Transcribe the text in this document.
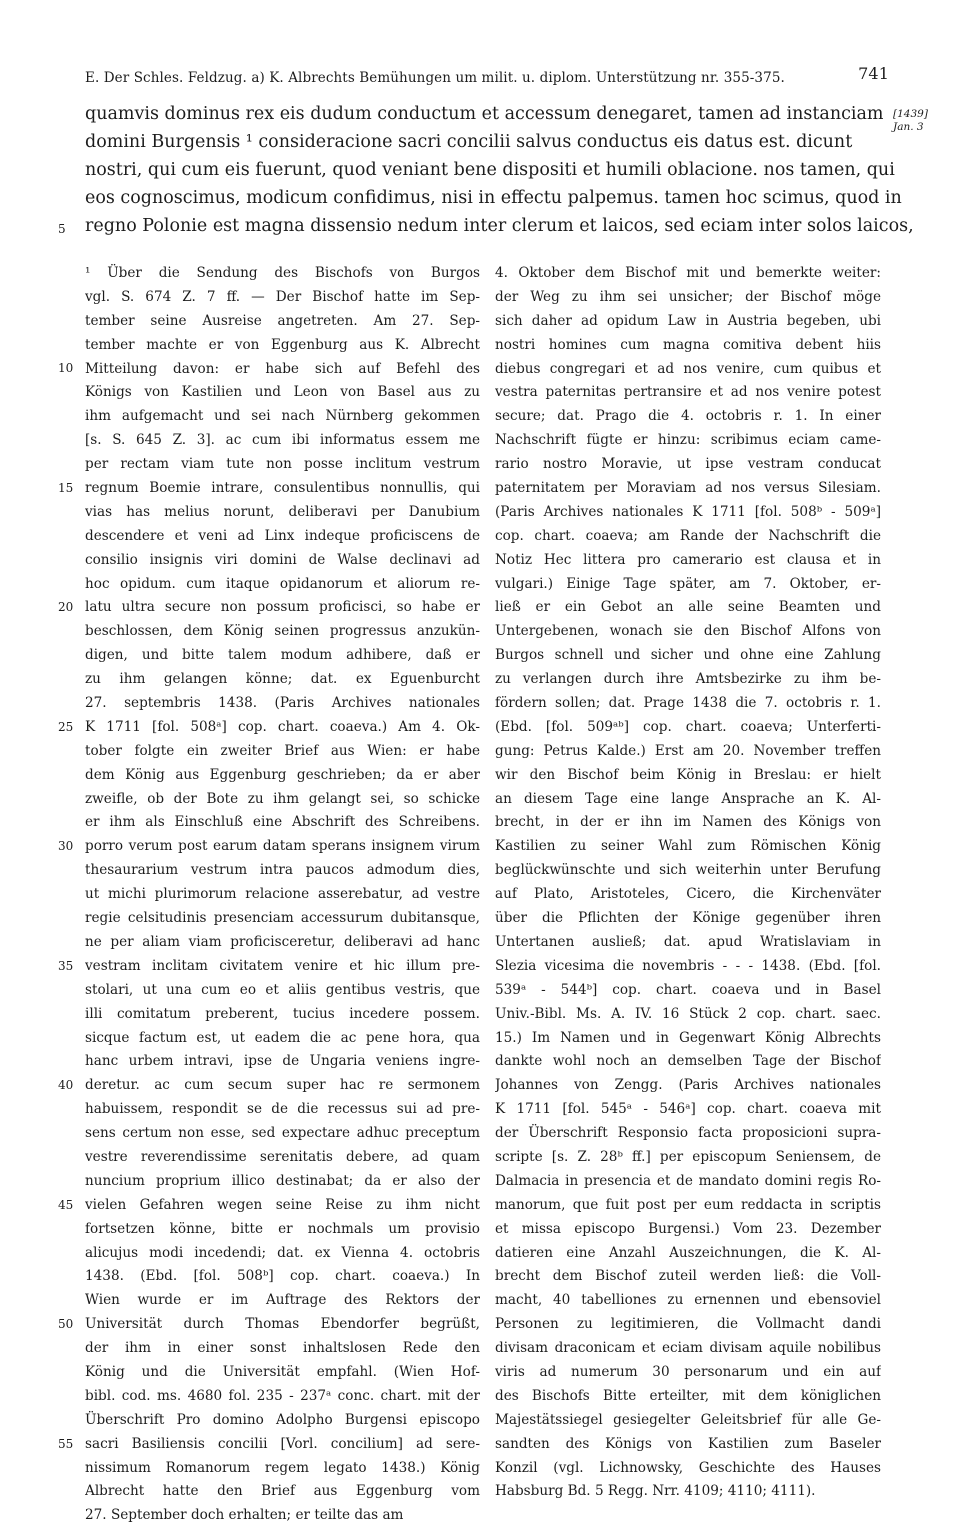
E. Der Schles. Feldzug. a) K. Albrechts Bemühungen um milit. u. diplom. Unterstützung nr. 355-375.	741
[1439]
Jan. 3
quamvis dominus rex eis dudum conductum et accessum denegaret, tamen ad instanciam
domini Burgensis ¹ consideracione sacri concilii salvus conductus eis datus est. dicunt
nostri, qui cum eis fuerunt, quod veniant bene dispositi et humili oblacione. nos tamen, qui
eos cognoscimus, modicum confidimus, nisi in effectu palpemus. tamen hoc scimus, quod in
regno Polonie est magna dissensio nedum inter clerum et laicos, sed eciam inter solos laicos,
5
10
15
20
25
30
35
40
45
50
55
¹ Über die Sendung des Bischofs von Burgos
vgl. S. 674 Z. 7 ff. — Der Bischof hatte im Sep-
tember seine Ausreise angetreten. Am 27. Sep-
tember machte er von Eggenburg aus K. Albrecht
Mitteilung davon: er habe sich auf Befehl des
Königs von Kastilien und Leon von Basel aus zu
ihm aufgemacht und sei nach Nürnberg gekommen
[s. S. 645 Z. 3]. ac cum ibi informatus essem me
per rectam viam tute non posse inclitum vestrum
regnum Boemie intrare, consulentibus nonnullis, qui
vias has melius norunt, deliberavi per Danubium
descendere et veni ad Linx indeque proficiscens de
consilio insignis viri domini de Walse declinavi ad
hoc opidum. cum itaque opidanorum et aliorum re-
latu ultra secure non possum proficisci, so habe er
beschlossen, dem König seinen progressus anzukün-
digen, und bitte talem modum adhibere, daß er
zu ihm gelangen könne; dat. ex Eguenburcht
27. septembris 1438. (Paris Archives nationales
K 1711 [fol. 508ᵃ] cop. chart. coaeva.) Am 4. Ok-
tober folgte ein zweiter Brief aus Wien: er habe
dem König aus Eggenburg geschrieben; da er aber
zweifle, ob der Bote zu ihm gelangt sei, so schicke
er ihm als Einschluß eine Abschrift des Schreibens.
porro verum post earum datam sperans insignem virum
thesaurarium vestrum intra paucos admodum dies,
ut michi plurimorum relacione asserebatur, ad vestre
regie celsitudinis presenciam accessurum dubitansque,
ne per aliam viam proficisceretur, deliberavi ad hanc
vestram inclitam civitatem venire et hic illum pre-
stolari, ut una cum eo et aliis gentibus vestris, que
illi comitatum preberent, tucius incedere possem.
sicque factum est, ut eadem die ac pene hora, qua
hanc urbem intravi, ipse de Ungaria veniens ingre-
deretur. ac cum secum super hac re sermonem
habuissem, respondit se de die recessus sui ad pre-
sens certum non esse, sed expectare adhuc preceptum
vestre reverendissime serenitatis debere, ad quam
nuncium proprium illico destinabat; da er also der
vielen Gefahren wegen seine Reise zu ihm nicht
fortsetzen könne, bitte er nochmals um provisio
alicujus modi incedendi; dat. ex Vienna 4. octobris
1438. (Ebd. [fol. 508ᵇ] cop. chart. coaeva.) In
Wien wurde er im Auftrage des Rektors der
Universität durch Thomas Ebendorfer begrüßt,
der ihm in einer sonst inhaltslosen Rede den
König und die Universität empfahl. (Wien Hof-
bibl. cod. ms. 4680 fol. 235 - 237ᵃ conc. chart. mit der
Überschrift Pro domino Adolpho Burgensi episcopo
sacri Basiliensis concilii [Vorl. concilium] ad sere-
nissimum Romanorum regem legato 1438.) König
Albrecht hatte den Brief aus Eggenburg vom
27. September doch erhalten; er teilte das am
4. Oktober dem Bischof mit und bemerkte weiter:
der Weg zu ihm sei unsicher; der Bischof möge
sich daher ad opidum Law in Austria begeben, ubi
nostri homines cum magna comitiva debent hiis
diebus congregari et ad nos venire, cum quibus et
vestra paternitas pertransire et ad nos venire potest
secure; dat. Prago die 4. octobris r. 1. In einer
Nachschrift fügte er hinzu: scribimus eciam came-
rario nostro Moravie, ut ipse vestram conducat
paternitatem per Moraviam ad nos versus Silesiam.
(Paris Archives nationales K 1711 [fol. 508ᵇ - 509ᵃ]
cop. chart. coaeva; am Rande der Nachschrift die
Notiz Hec littera pro camerario est clausa et in
vulgari.) Einige Tage später, am 7. Oktober, er-
ließ er ein Gebot an alle seine Beamten und
Untergebenen, wonach sie den Bischof Alfons von
Burgos schnell und sicher und ohne eine Zahlung
zu verlangen durch ihre Amtsbezirke zu ihm be-
fördern sollen; dat. Prage 1438 die 7. octobris r. 1.
(Ebd. [fol. 509ᵃᵇ] cop. chart. coaeva; Unterferti-
gung: Petrus Kalde.) Erst am 20. November treffen
wir den Bischof beim König in Breslau: er hielt
an diesem Tage eine lange Ansprache an K. Al-
brecht, in der er ihn im Namen des Königs von
Kastilien zu seiner Wahl zum Römischen König
beglückwünschte und sich weiterhin unter Berufung
auf Plato, Aristoteles, Cicero, die Kirchenväter
über die Pflichten der Könige gegenüber ihren
Untertanen ausließ; dat. apud Wratislaviam in
Slezia vicesima die novembris - - - 1438. (Ebd. [fol.
539ᵃ - 544ᵇ] cop. chart. coaeva und in Basel
Univ.-Bibl. Ms. A. IV. 16 Stück 2 cop. chart. saec.
15.) Im Namen und in Gegenwart König Albrechts
dankte wohl noch an demselben Tage der Bischof
Johannes von Zengg. (Paris Archives nationales
K 1711 [fol. 545ᵃ - 546ᵃ] cop. chart. coaeva mit
der Überschrift Responsio facta proposicioni supra-
scripte [s. Z. 28ᵇ ff.] per episcopum Seniensem, de
Dalmacia in presencia et de mandato domini regis Ro-
manorum, que fuit post per eum reddacta in scriptis
et missa episcopo Burgensi.) Vom 23. Dezember
datieren eine Anzahl Auszeichnungen, die K. Al-
brecht dem Bischof zuteil werden ließ: die Voll-
macht, 40 tabelliones zu ernennen und ebensoviel
Personen zu legitimieren, die Vollmacht dandi
divisam draconicam et eciam divisam aquile nobilibus
viris ad numerum 30 personarum und ein auf
des Bischofs Bitte erteilter, mit dem königlichen
Majestätssiegel gesiegelter Geleitsbrief für alle Ge-
sandten des Königs von Kastilien zum Baseler
Konzil (vgl. Lichnowsky, Geschichte des Hauses
Habsburg Bd. 5 Regg. Nrr. 4109; 4110; 4111).
